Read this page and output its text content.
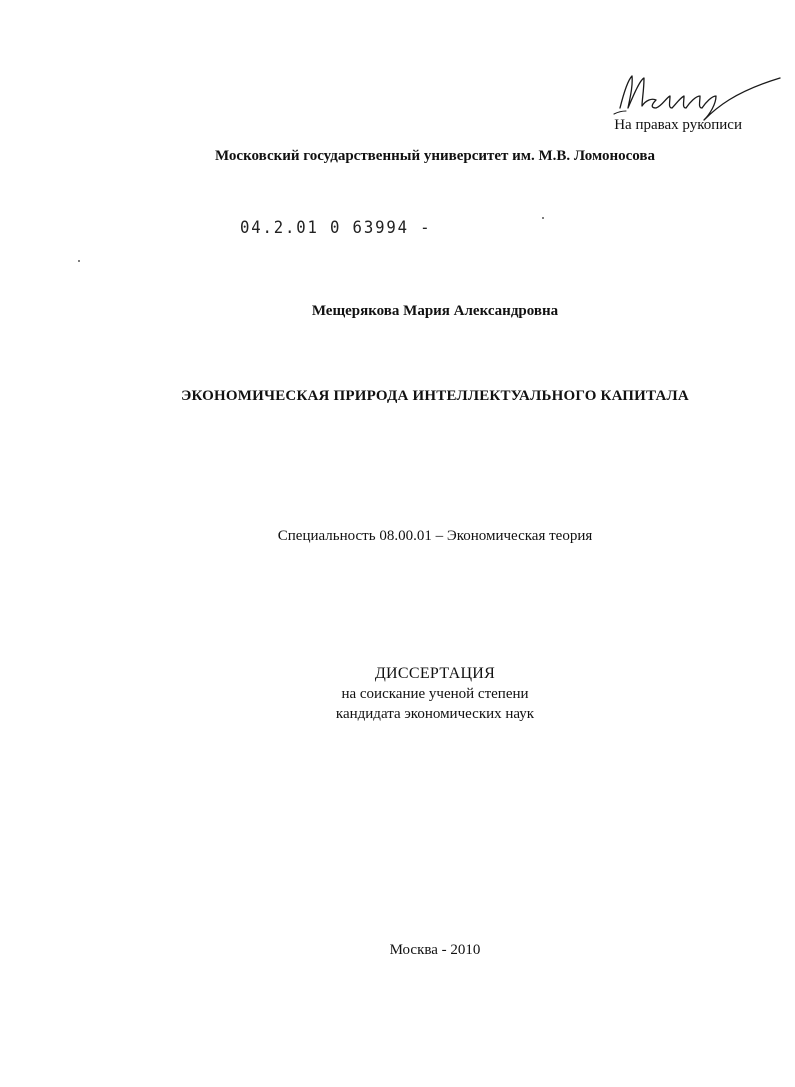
На правах рукописи
Московский государственный университет им. М.В. Ломоносова
04.2.01 0 63994 -
Мещерякова Мария Александровна
ЭКОНОМИЧЕСКАЯ ПРИРОДА ИНТЕЛЛЕКТУАЛЬНОГО КАПИТАЛА
Специальность 08.00.01 – Экономическая теория
ДИССЕРТАЦИЯ
на соискание ученой степени
кандидата экономических наук
Москва - 2010
